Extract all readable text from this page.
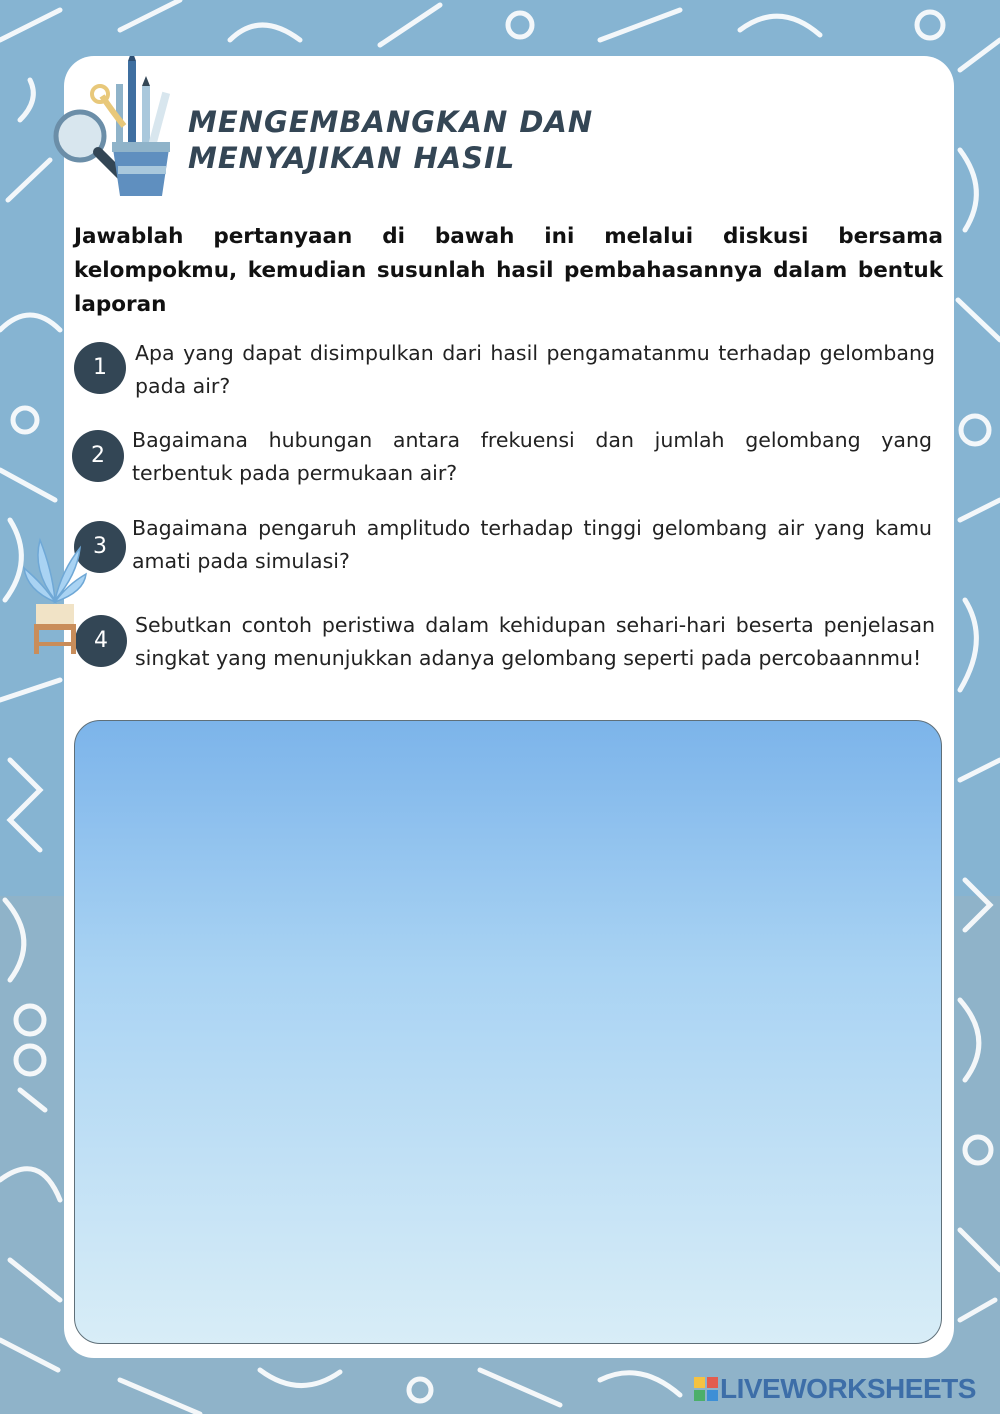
MENGEMBANGKAN DAN
MENYAJIKAN HASIL

Jawablah pertanyaan di bawah ini melalui diskusi bersama kelompokmu, kemudian susunlah hasil pembahasannya dalam bentuk laporan

1

Apa yang dapat disimpulkan dari hasil pengamatanmu terhadap gelombang pada air?

2

Bagaimana hubungan antara frekuensi dan jumlah gelombang yang terbentuk pada permukaan air?

3

Bagaimana pengaruh amplitudo terhadap tinggi gelombang air yang kamu amati pada simulasi?

4

Sebutkan contoh peristiwa dalam kehidupan sehari-hari beserta penjelasan singkat yang menunjukkan adanya gelombang seperti pada percobaannmu!

LIVEWORKSHEETS
